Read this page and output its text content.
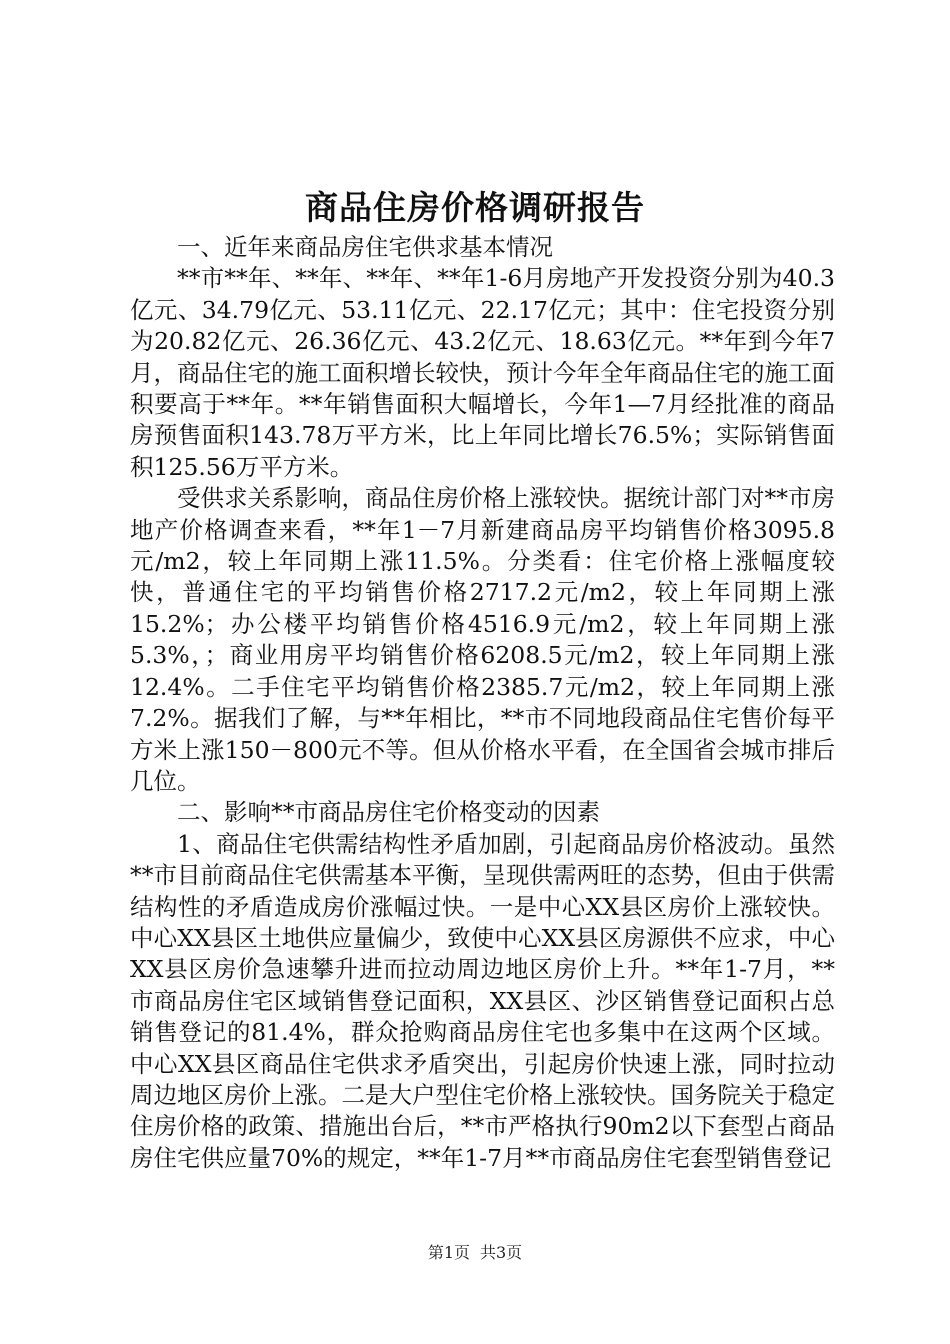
商品住房价格调研报告

一、近年来商品房住宅供求基本情况

**市**年、**年、**年、**年1-6月房地产开发投资分别为40.3亿元、34.79亿元、53.11亿元、22.17亿元；其中：住宅投资分别为20.82亿元、26.36亿元、43.2亿元、18.63亿元。**年到今年7月，商品住宅的施工面积增长较快，预计今年全年商品住宅的施工面积要高于**年。**年销售面积大幅增长，今年1—7月经批准的商品房预售面积143.78万平方米，比上年同比增长76.5%；实际销售面积125.56万平方米。

受供求关系影响，商品住房价格上涨较快。据统计部门对**市房地产价格调查来看，**年1－7月新建商品房平均销售价格3095.8元/m2，较上年同期上涨11.5%。分类看：住宅价格上涨幅度较快，普通住宅的平均销售价格2717.2元/m2，较上年同期上涨15.2%；办公楼平均销售价格4516.9元/m2，较上年同期上涨5.3%，；商业用房平均销售价格6208.5元/m2，较上年同期上涨12.4%。二手住宅平均销售价格2385.7元/m2，较上年同期上涨7.2%。据我们了解，与**年相比，**市不同地段商品住宅售价每平方米上涨150－800元不等。但从价格水平看，在全国省会城市排后几位。

二、影响**市商品房住宅价格变动的因素

1、商品住宅供需结构性矛盾加剧，引起商品房价格波动。虽然**市目前商品住宅供需基本平衡，呈现供需两旺的态势，但由于供需结构性的矛盾造成房价涨幅过快。一是中心XX县区房价上涨较快。中心XX县区土地供应量偏少，致使中心XX县区房源供不应求，中心XX县区房价急速攀升进而拉动周边地区房价上升。**年1-7月，**市商品房住宅区域销售登记面积，XX县区、沙区销售登记面积占总销售登记的81.4%，群众抢购商品房住宅也多集中在这两个区域。中心XX县区商品住宅供求矛盾突出，引起房价快速上涨，同时拉动周边地区房价上涨。二是大户型住宅价格上涨较快。国务院关于稳定住房价格的政策、措施出台后，**市严格执行90m2以下套型占商品房住宅供应量70%的规定，**年1-7月**市商品房住宅套型销售登记

第1页 共3页
